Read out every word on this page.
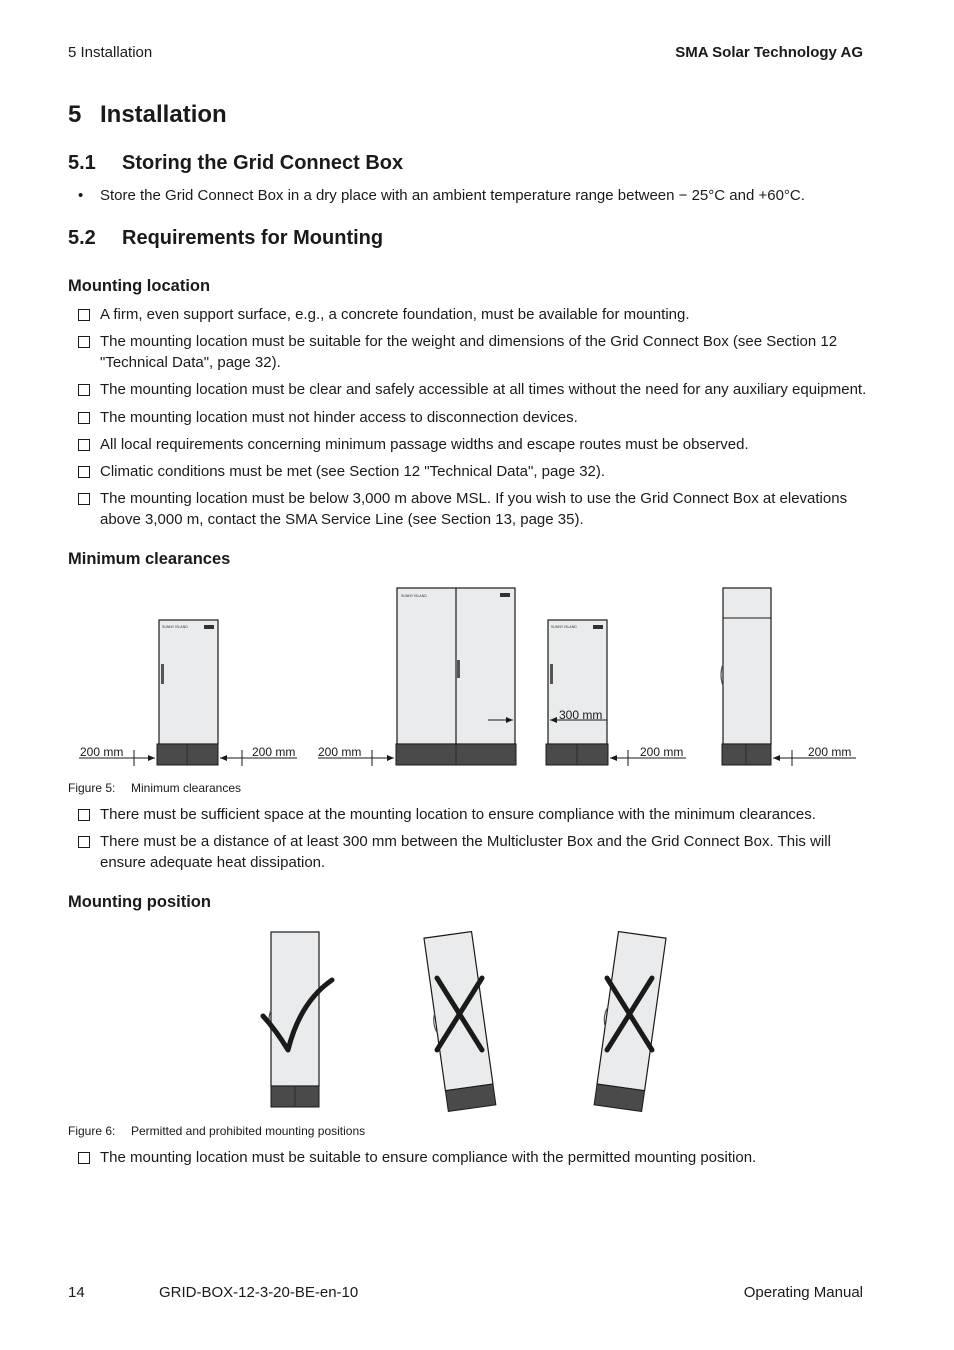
5 Installation	SMA Solar Technology AG
5 Installation
5.1 Storing the Grid Connect Box
• Store the Grid Connect Box in a dry place with an ambient temperature range between − 25°C and +60°C.
5.2 Requirements for Mounting
Mounting location
A firm, even support surface, e.g., a concrete foundation, must be available for mounting.
The mounting location must be suitable for the weight and dimensions of the Grid Connect Box (see Section 12 "Technical Data", page 32).
The mounting location must be clear and safely accessible at all times without the need for any auxiliary equipment.
The mounting location must not hinder access to disconnection devices.
All local requirements concerning minimum passage widths and escape routes must be observed.
Climatic conditions must be met (see Section 12 "Technical Data", page 32).
The mounting location must be below 3,000 m above MSL. If you wish to use the Grid Connect Box at elevations above 3,000 m, contact the SMA Service Line (see Section 13, page 35).
Minimum clearances
SUNNY ISLAND
SUNNY ISLAND
SUNNY ISLAND
200 mm	200 mm 200 mm
300 mm
200 mm	200 mm
Figure 5: Minimum clearances
There must be sufficient space at the mounting location to ensure compliance with the minimum clearances.
There must be a distance of at least 300 mm between the Multicluster Box and the Grid Connect Box. This will ensure adequate heat dissipation.
Mounting position
Figure 6: Permitted and prohibited mounting positions
The mounting location must be suitable to ensure compliance with the permitted mounting position.
14	GRID-BOX-12-3-20-BE-en-10	Operating Manual
